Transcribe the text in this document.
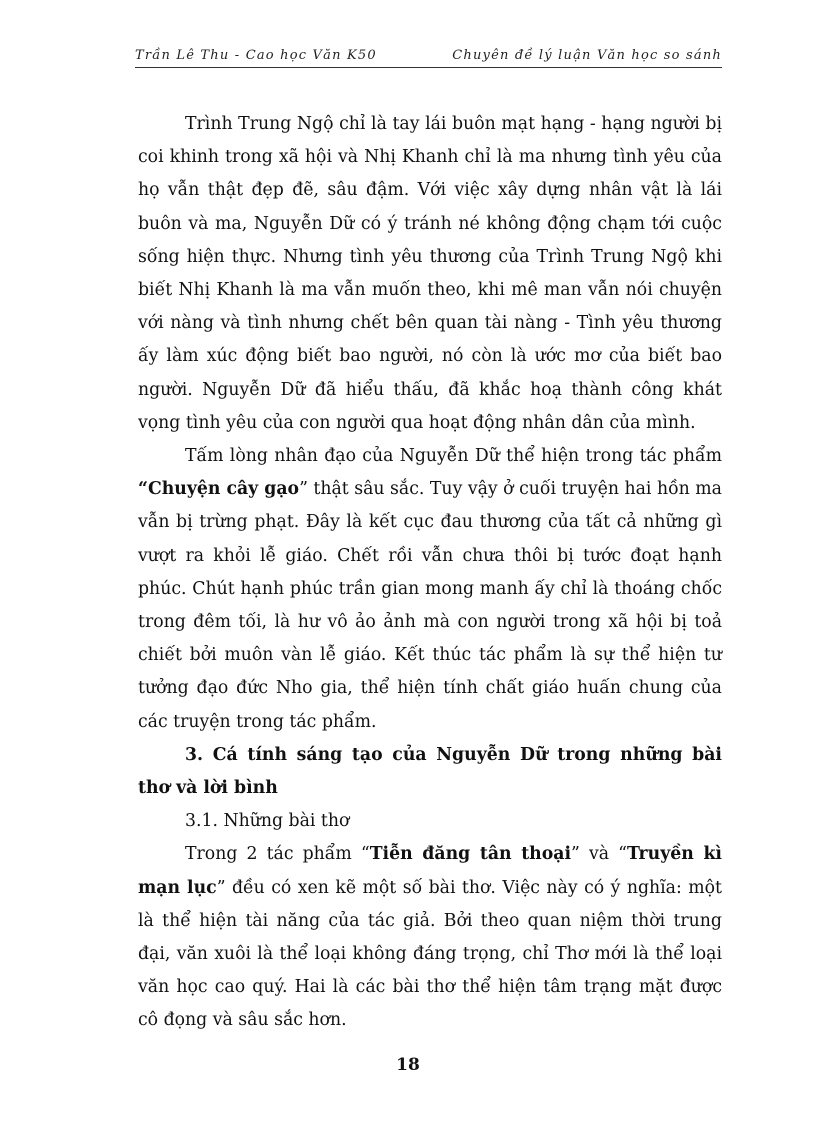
Trần Lê Thu - Cao học Văn K50	Chuyên đề lý luận Văn học so sánh

Trình Trung Ngộ chỉ là tay lái buôn mạt hạng - hạng người bị coi khinh trong xã hội và Nhị Khanh chỉ là ma nhưng tình yêu của họ vẫn thật đẹp đẽ, sâu đậm. Với việc xây dựng nhân vật là lái buôn và ma, Nguyễn Dữ có ý tránh né không động chạm tới cuộc sống hiện thực. Nhưng tình yêu thương của Trình Trung Ngộ khi biết Nhị Khanh là ma vẫn muốn theo, khi mê man vẫn nói chuyện với nàng và tình nhưng chết bên quan tài nàng - Tình yêu thương ấy làm xúc động biết bao người, nó còn là ước mơ của biết bao người. Nguyễn Dữ đã hiểu thấu, đã khắc hoạ thành công khát vọng tình yêu của con người qua hoạt động nhân dân của mình.

Tấm lòng nhân đạo của Nguyễn Dữ thể hiện trong tác phẩm “Chuyện cây gạo” thật sâu sắc. Tuy vậy ở cuối truyện hai hồn ma vẫn bị trừng phạt. Đây là kết cục đau thương của tất cả những gì vượt ra khỏi lễ giáo. Chết rồi vẫn chưa thôi bị tước đoạt hạnh phúc. Chút hạnh phúc trần gian mong manh ấy chỉ là thoáng chốc trong đêm tối, là hư vô ảo ảnh mà con người trong xã hội bị toả chiết bởi muôn vàn lễ giáo. Kết thúc tác phẩm là sự thể hiện tư tưởng đạo đức Nho gia, thể hiện tính chất giáo huấn chung của các truyện trong tác phẩm.

3. Cá tính sáng tạo của Nguyễn Dữ trong những bài thơ và lời bình

3.1. Những bài thơ

Trong 2 tác phẩm “Tiễn đăng tân thoại” và “Truyền kì mạn lục” đều có xen kẽ một số bài thơ. Việc này có ý nghĩa: một là thể hiện tài năng của tác giả. Bởi theo quan niệm thời trung đại, văn xuôi là thể loại không đáng trọng, chỉ Thơ mới là thể loại văn học cao quý. Hai là các bài thơ thể hiện tâm trạng mặt được cô đọng và sâu sắc hơn.

18
